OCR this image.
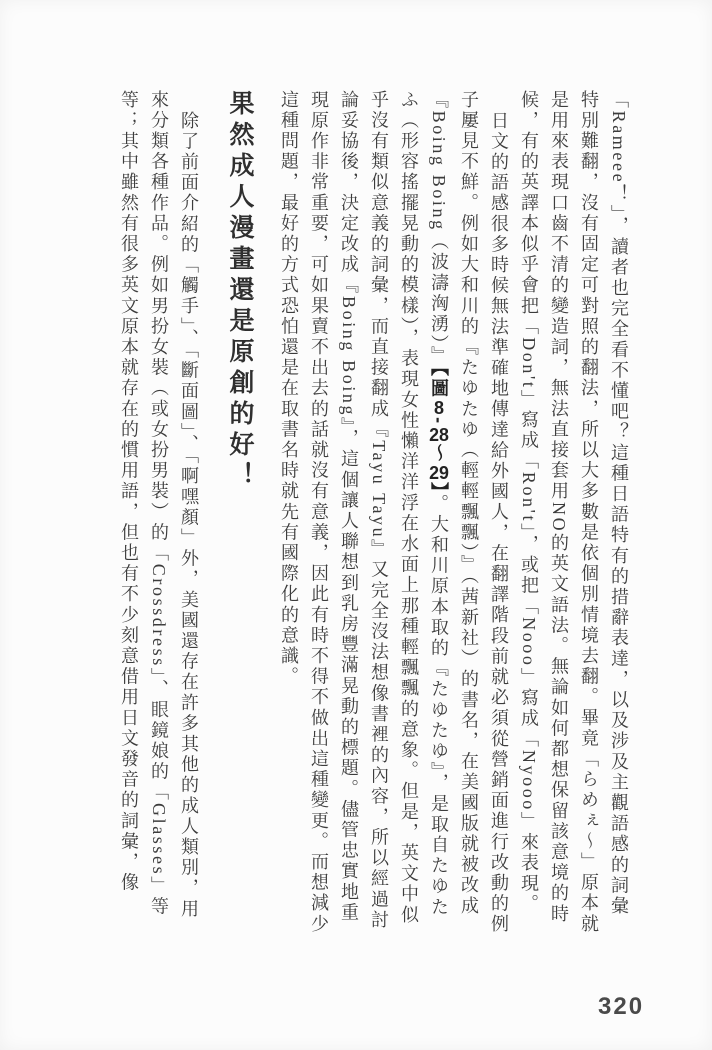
「Rameee！」，讀者也完全看不懂吧？這種日語特有的措辭表達，以及涉及主觀語感的詞彙特別難翻，沒有固定可對照的翻法，所以大多數是依個別情境去翻。畢竟「らめぇ～」原本就是用來表現口齒不清的變造詞，無法直接套用NO的英文語法。無論如何都想保留該意境的時候，有的英譯本似乎會把「Don't」寫成「Ron't」，或把「Nooo」寫成「Nyooo」來表現。

日文的語感很多時候無法準確地傳達給外國人，在翻譯階段前就必須從營銷面進行改動的例子屢見不鮮。例如大和川的『たゆたゆ（輕輕飄飄）』（茜新社）的書名，在美國版就被改成『Boing Boing（波濤洶湧）』【圖8-28～29】。大和川原本取的『たゆたゆ』，是取自たゆたふ（形容搖擺晃動的模樣），表現女性懶洋洋浮在水面上那種輕飄飄的意象。但是，英文中似乎沒有類似意義的詞彙，而直接翻成『Tayu Tayu』又完全沒法想像書裡的內容，所以經過討論妥協後，決定改成『Boing Boing』，這個讓人聯想到乳房豐滿晃動的標題。儘管忠實地重現原作非常重要，可如果賣不出去的話就沒有意義，因此有時不得不做出這種變更。而想減少這種問題，最好的方式恐怕還是在取書名時就先有國際化的意識。

果然成人漫畫還是原創的好！

除了前面介紹的「觸手」、「斷面圖」、「啊嘿顏」外，美國還存在許多其他的成人類別，用來分類各種作品。例如男扮女裝（或女扮男裝）的「Crossdress」、眼鏡娘的「Glasses」等等；其中雖然有很多英文原本就存在的慣用語，但也有不少刻意借用日文發音的詞彙，像

320
